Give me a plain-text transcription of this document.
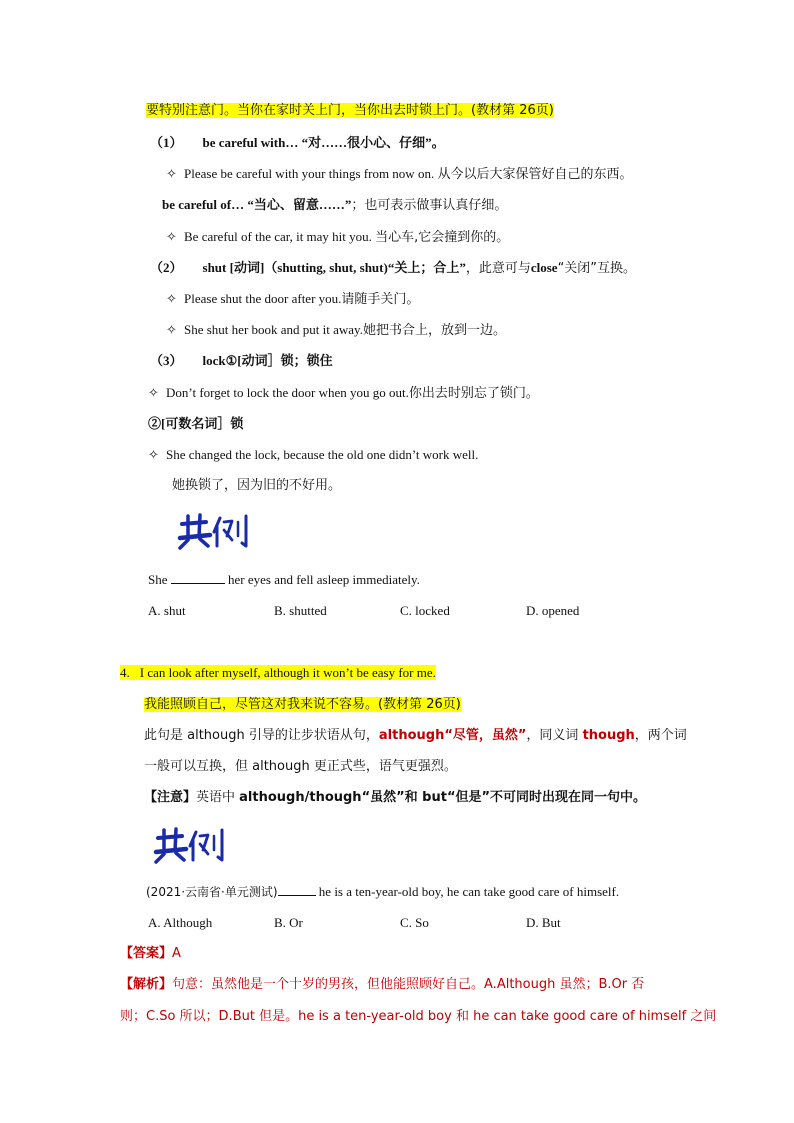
要特别注意门。当你在家时关上门，当你出去时锁上门。(教材第 26页)
（1） be careful with… “对……很小心、仔细”。
✧ Please be careful with your things from now on. 从今以后大家保管好自己的东西。
be careful of… “当心、留意……”；也可表示做事认真仔细。
✧ Be careful of the car, it may hit you. 当心车,它会撞到你的。
（2） shut [动词]（shutting, shut, shut)“关上；合上”，此意可与close“关闭”互换。
✧ Please shut the door after you.请随手关门。
✧ She shut her book and put it away.她把书合上，放到一边。
（3） lock①[动词］锁；锁住
✧ Don’t forget to lock the door when you go out.你出去时别忘了锁门。
②[可数名词］锁
✧ She changed the lock, because the old one didn’t work well.
她换锁了，因为旧的不好用。
She	her eyes and fell asleep immediately.
A. shut	B. shutted	C. locked	D. opened
4. I can look after myself, although it won’t be easy for me.
我能照顾自己，尽管这对我来说不容易。(教材第 26页)
此句是 although 引导的让步状语从句，although“尽管，虽然”，同义词 though，两个词
一般可以互换，但 although 更正式些，语气更强烈。
【注意】英语中 although/though“虽然”和 but“但是”不可同时出现在同一句中。
(2021·云南省·单元测试)	he is a ten-year-old boy, he can take good care of himself.
A. Although	B. Or	C. So	D. But
【答案】A
【解析】句意：虽然他是一个十岁的男孩，但他能照顾好自己。A.Although 虽然；B.Or 否
则；C.So 所以；D.But 但是。he is a ten-year-old boy 和 he can take good care of himself 之间
